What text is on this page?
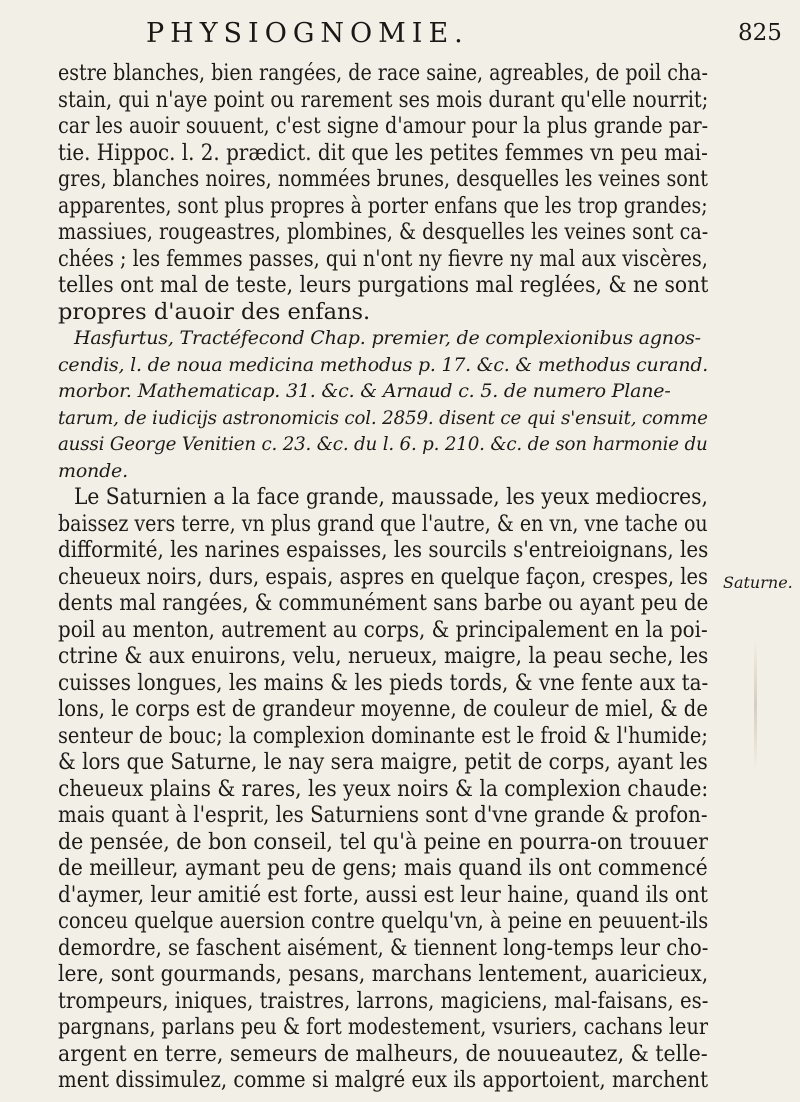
PHYSIOGNOMIE.	825
estre blanches, bien rangées, de race saine, agreables, de poil cha-
stain, qui n'aye point ou rarement ses mois durant qu'elle nourrit;
car les auoir souuent, c'est signe d'amour pour la plus grande par-
tie. Hippoc. l. 2. prædict. dit que les petites femmes vn peu mai-
gres, blanches noires, nommées brunes, desquelles les veines sont
apparentes, sont plus propres à porter enfans que les trop grandes;
massiues, rougeastres, plombines, & desquelles les veines sont ca-
chées ; les femmes passes, qui n'ont ny fievre ny mal aux viscères,
telles ont mal de teste, leurs purgations mal reglées, & ne sont
propres d'auoir des enfans.
Hasfurtus, Tractéfecond Chap. premier, de complexionibus agnos-
cendis, l. de noua medicina methodus p. 17. &c. & methodus curand.
morbor. Mathematicap. 31. &c. & Arnaud c. 5. de numero Plane-
tarum, de iudicijs astronomicis col. 2859. disent ce qui s'ensuit, comme
aussi George Venitien c. 23. &c. du l. 6. p. 210. &c. de son harmonie du
monde.
Le Saturnien a la face grande, maussade, les yeux mediocres,
baissez vers terre, vn plus grand que l'autre, & en vn, vne tache ou
difformité, les narines espaisses, les sourcils s'entreioignans, les
cheueux noirs, durs, espais, aspres en quelque façon, crespes, les
dents mal rangées, & communément sans barbe ou ayant peu de
poil au menton, autrement au corps, & principalement en la poi-
ctrine & aux enuirons, velu, nerueux, maigre, la peau seche, les
cuisses longues, les mains & les pieds tords, & vne fente aux ta-
lons, le corps est de grandeur moyenne, de couleur de miel, & de
senteur de bouc; la complexion dominante est le froid & l'humide;
& lors que Saturne, le nay sera maigre, petit de corps, ayant les
cheueux plains & rares, les yeux noirs & la complexion chaude:
mais quant à l'esprit, les Saturniens sont d'vne grande & profon-
de pensée, de bon conseil, tel qu'à peine en pourra-on trouuer
de meilleur, aymant peu de gens; mais quand ils ont commencé
d'aymer, leur amitié est forte, aussi est leur haine, quand ils ont
conceu quelque auersion contre quelqu'vn, à peine en peuuent-ils
demordre, se faschent aisément, & tiennent long-temps leur cho-
lere, sont gourmands, pesans, marchans lentement, auaricieux,
trompeurs, iniques, traistres, larrons, magiciens, mal-faisans, es-
pargnans, parlans peu & fort modestement, vsuriers, cachans leur
argent en terre, semeurs de malheurs, de nouueautez, & telle-
ment dissimulez, comme si malgré eux ils apportoient, marchent
Saturne.
